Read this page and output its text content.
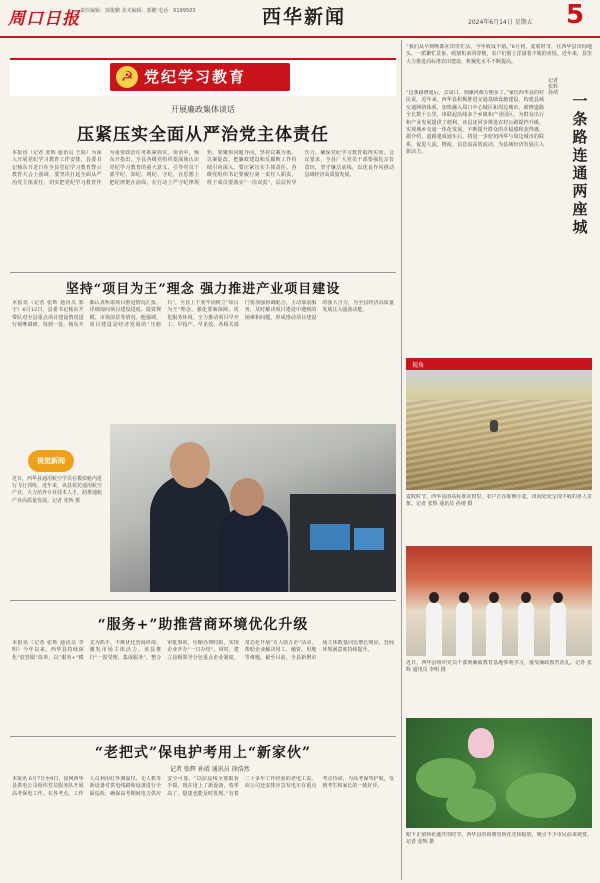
周口日报 责任编辑：郭俊鹏 美术编辑：郭鹏 电话：6199503	西华新闻	2024年6月14日 星期五 5
☭ 党纪学习教育
开展廉政集体谈话
压紧压实全面从严治党主体责任
本报讯（记者 张辉 通讯员 王琨）为深入开展党纪学习教育工作安排，县委书记杨东升近日在全县党纪学习教育警示教育大会上强调，要坚决扛起全面从严治党主体责任，切实把党纪学习教育作为重要政治任务抓紧抓实。谈话中，杨东升指出，全县各级党组织要深刻认识党纪学习教育的重大意义，引导党员干部学纪、知纪、明纪、守纪，在思想上把纪律挺在前面，在行动上严守纪律规矩。要聚焦问题导向，坚持以案为鉴、以案促改，把廉政建设和反腐败工作持续引向深入。要压紧压实主体责任，各级党组织书记要履行第一责任人职责，班子成员要落实“一岗双责”，层层传导压力，确保党纪学习教育取得实效。会议要求，全县广大党员干部要强化宗旨意识，坚守廉洁底线，以优良作风推动县域经济高质量发展。
坚持“项目为王”理念 强力推进产业项目建设
本报讯（记者 张辉 通讯员 郭宇）6月12日，县委书记杨东升带队对全县重点项目建设情况进行观摩调研。每到一处，杨东升都认真听取项目推进情况汇报，详细询问项目建设进度、投资规模、市场前景等情况。他强调，项目建设是经济发展的“压舱石”，全县上下要牢固树立“项目为王”理念，强化要素保障，优化服务环境，全力推动项目早开工、早投产、早见效。各相关部门要加强协调配合，主动靠前服务，及时解决项目建设中遇到的困难和问题，形成推动项目建设的强大合力，为全县经济高质量发展注入强劲动能。
视觉新闻
近日，西华县通用航空学员在模拟舱内进行飞行训练。近年来，该县依托通用航空产业，大力培养专业技术人才，助推通航产业高质量发展。记者 张辉 摄
“服务+”助推营商环境优化升级
本报讯（记者 张辉 通讯员 李明）今年以来，西华县持续深化“放管服”改革，以“服务+”模式为抓手，不断优化营商环境，激发市场主体活力。该县推行“一窗受理、集成服务”，整合审批事项，压缩办理时限，实现企业开办“一日办结”。同时，建立县级领导分包重点企业制度，常态化开展“万人助万企”活动，帮助企业解决用工、融资、用地等难题。截至目前，全县新增市场主体数量同比增长明显，营商环境满意度持续提升。
“老把式”保电护考用上“新家伙”
记者 张辉 孙靖 通讯员 徐浩然
本报讯 6月7日至9日，国网西华县供电公司组织党员服务队开展高考保电工作。在各考点，工作人员利用红外测温仪、无人机等新设备对供电线路和设备进行全面巡检，确保高考期间电力供应安全可靠。“以前巡线全靠眼看手摸，现在用上了新设备，效率高了，隐患也能及时发现。”有着二十多年工作经验的老电工说。该公司还安排应急发电车在重点考点待命，为高考保驾护航，受到考生和家长的一致好评。
“我们从早到晚都在田里忙活，今年收成不错。”6月初，麦收时节，在西华县田间地头，一派繁忙景象。收割机来回穿梭，农户们脸上洋溢着丰收的喜悦。近年来，县里大力推进高标准农田建设，机械化水平不断提高。
一条路连通两座城
记者 张辉 孙靖
“这条路修通后，去周口、到漯河都方便多了。”家住西华县的村民说。近年来，西华县积极推进交通基础设施建设，构建县域交通网络体系，加快融入周口中心城区和周边城市。新修道路全长数十公里，串联起沿线多个乡镇和产业园区，为群众出行和产业发展提供了便利。该县还同步推进农村公路提档升级，实现城乡交通一体化发展，不断提升群众的幸福感和获得感。据介绍，道路建成通车后，将进一步密切西华与周边城市的联系，促进人流、物流、信息流高效流动，为县域经济发展注入新活力。
视角
麦收时节，西华县的高标准农田里，农户正在晾晒小麦，田间处处呈现丰收的喜人景象。记者 张辉 通讯员 孙靖 摄
近日，西华县组织党员干部到廉政教育基地参观学习，接受廉政教育洗礼。记者 张辉 通讯员 李明 摄
眼下正值荷花盛开的时节，西华县的荷塘里荷花竞相绽放，吸引不少市民前来观赏。记者 张辉 摄
